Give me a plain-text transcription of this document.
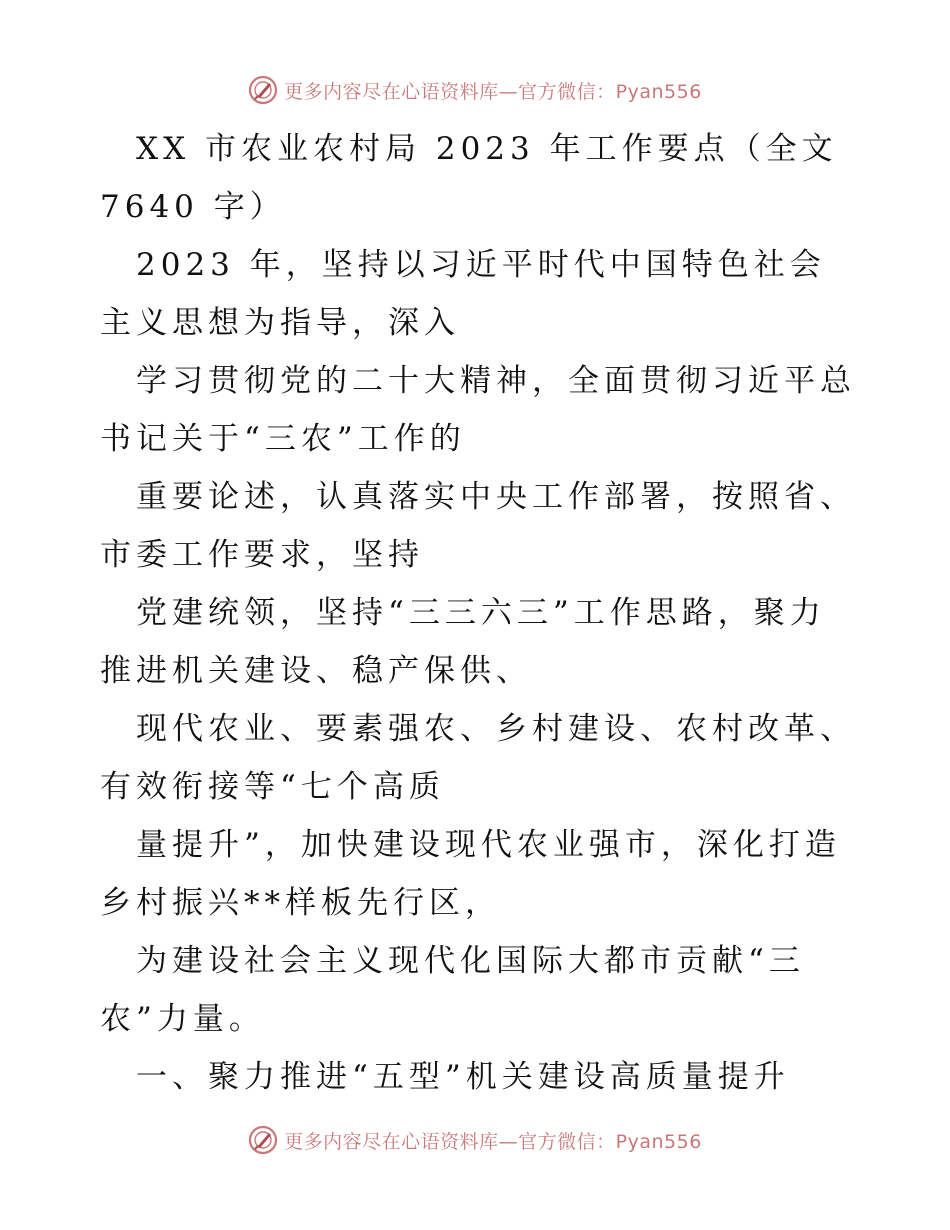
更多内容尽在心语资料库—官方微信：Pyan556

XX 市农业农村局 2023 年工作要点（全文 7640 字）

2023 年，坚持以习近平时代中国特色社会主义思想为指导，深入

学习贯彻党的二十大精神，全面贯彻习近平总书记关于“三农”工作的

重要论述，认真落实中央工作部署，按照省、市委工作要求，坚持

党建统领，坚持“三三六三”工作思路，聚力推进机关建设、稳产保供、

现代农业、要素强农、乡村建设、农村改革、有效衔接等“七个高质

量提升”，加快建设现代农业强市，深化打造乡村振兴**样板先行区，

为建设社会主义现代化国际大都市贡献“三农”力量。

一、聚力推进“五型”机关建设高质量提升

更多内容尽在心语资料库—官方微信：Pyan556
